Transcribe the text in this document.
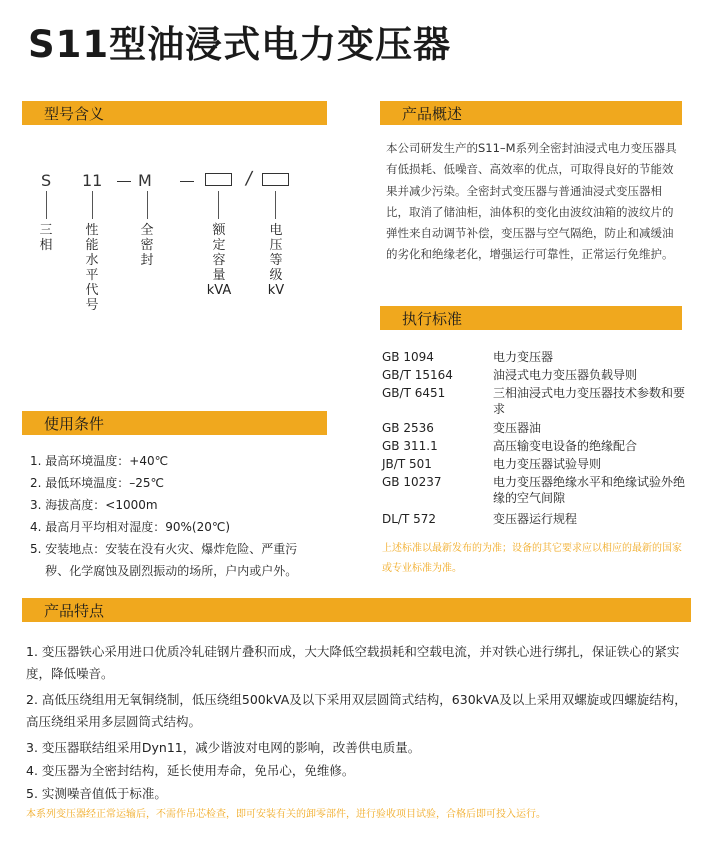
S11型油浸式电力变压器
型号含义	产品概述
执行标准
使用条件
产品特点
S 11 M	/
三
相
性
能
水
平
代
号
全
密
封
额
定
容
量
kVA
电
压
等
级
kV
本公司研发生产的S11–M系列全密封油浸式电力变压器具有低损耗、低噪音、高效率的优点，可取得良好的节能效果并减少污染。全密封式变压器与普通油浸式变压器相比，取消了储油柜，油体积的变化由波纹油箱的波纹片的弹性来自动调节补偿，变压器与空气隔绝，防止和减缓油的劣化和绝缘老化，增强运行可靠性，正常运行免维护。
GB 1094	电力变压器
GB/T 15164	油浸式电力变压器负载导则
GB/T 6451	三相油浸式电力变压器技术参数和要求
GB 2536	变压器油
GB 311.1	高压输变电设备的绝缘配合
JB/T 501	电力变压器试验导则
GB 10237	电力变压器绝缘水平和绝缘试验外绝缘的空气间隙
DL/T 572	变压器运行规程
上述标准以最新发布的为准；设备的其它要求应以相应的最新的国家或专业标准为准。
1. 最高环境温度：+40℃
2. 最低环境温度：–25℃
3. 海拔高度：<1000m
4. 最高月平均相对湿度：90%(20℃)
5. 安装地点：安装在没有火灾、爆炸危险、严重污
秽、化学腐蚀及剧烈振动的场所，户内或户外。
1. 变压器铁心采用进口优质冷轧硅钢片叠积而成，大大降低空载损耗和空载电流，并对铁心进行绑扎，保证铁心的紧实度，降低噪音。
2. 高低压绕组用无氧铜绕制，低压绕组500kVA及以下采用双层圆筒式结构，630kVA及以上采用双螺旋或四螺旋结构，高压绕组采用多层圆筒式结构。
3. 变压器联结组采用Dyn11，减少谐波对电网的影响，改善供电质量。
4. 变压器为全密封结构，延长使用寿命，免吊心，免维修。
5. 实测噪音值低于标准。
本系列变压器经正常运输后，不需作吊芯检查，即可安装有关的卸零部件，进行验收项目试验，合格后即可投入运行。
